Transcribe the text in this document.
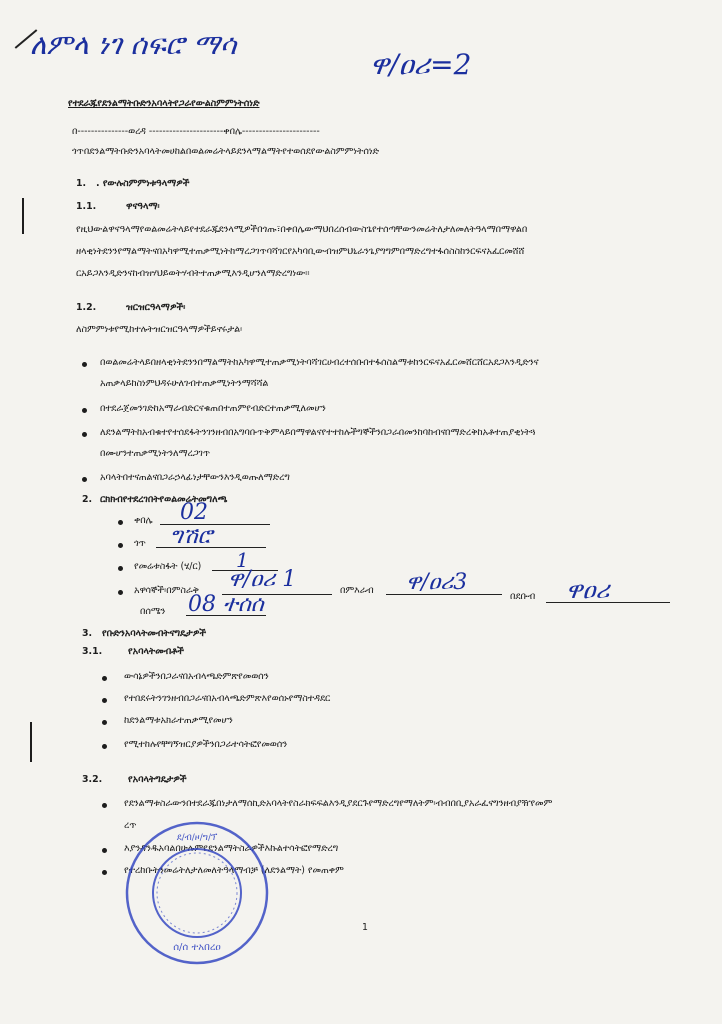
ለምላ ነገ ሰፍሮ ማሳ
ዋ/ዐሪ=2
የተደራጁየደንልማትቡድንአባላትየጋራየውልስምምነትሰነድ
በ---------------ወረዳ ----------------------ቀበሌ-----------------------
ጎጥበደንልማትቡድንአባላትመሀከልበወልመሬትላይደንላማልማትየተወሰደየውልስምምነትሰነድ
1. . የውሉስምምነቱዓላማዎች
1.1.	ዋናዓላማ፡
የዚህውልዋናዓላማየወልመሬትላይየተደራጁደንላሚዎችበጎጡ፣በቀበሌውማህበረሰብውስጌየተሰጣቸውንመሬትለታለመለትዓላማበማዋልበ
ዘላቂነትደንንየማልማትናበአካዋሚተጠቃሚነትከማረጋገጥባሻገርየአካባቢውብዝምህኒራንጌያግግምበማድረግተፋሰስስከንርፍናአፈርመሸሸ
ርአይጋእንዲድንናከብዝሃህይወትሃብትተጠቃሚእንዲሆንለማድረግነው።
1.2.	ዝርዝርዓላማዎች፡
ለስምምነቱየሚከተሉትዝርዝርዓላማዎችይኖሩታል፡
በወልመሬትላይበዘላቂነትደንንበማልማትከአካዋሚተጠቃሚነትባሻገርሀብረተሰቡበተፋሰስልማቱከንርፍናአፈርመሸርሸርአደጋእንዲድንና
አጠቃላይከስነምህዳሩሁለገብተጠቃሚነትንማሻሻል
በተደራጀመንገድከአማራብድርናቁጠበተጠምየብድርተጠቃሚለመሆን
ለደንልማትከአብቁተየተሰደፋትንገንዘብበአግባቡጥቅምላይበማዋልናየተተከሉችግኞችንበጋራበመንከባከብናበማድረቅከአቶተጠያቂነትጓ
በሙሆንተጠቃሚነትንለማረጋገጥ
አባላትበተናጠልናበጋራኃላፊነታቸውንእንዲወጡለማድረግ
2. ርክክብየተደረገበትየወልመሬትመግለጫ
ቀበሌ 02
ጎጥ ግሽሮ
የመሬቱስፋት (ሄ/ር) 1
አዋሳኞች፡በምስራቅ ዋ/ዐሪ 1	በምእራብ ዋ/ዐሪ3
በደቡብ ዋዐሪ
በሰሜን 08 ተሰሰ
3. የቡድንአባላትመብትናግዴታዎች
3.1.	የአባላትመብቶች
ውሳኔዎችንበጋራናበአብላጫድምጽየመወሰን
የተበደሩትንገንዘብበጋራናበአብላጫድምጽእየወሰኑየማስተዳደር
ከደንልማቱአክራተጠቃሚየመሆን
የሚተከሉየቸግኝዝርያዎችንበጋራተሳትፎየመወሰን
3.2.	የአባላትግዴታዎች
የደንልማቱስራውንበተደራጁበነታለማሰኪድአባላትየስራክፍፍልእንዲያደርጉየማድረግየማለትም፡ብብበቢያአራፈናግንዘብያዥየመም
ረጥ
እያንዳንዱአባልበሁሉምየደንልማትስራዎችእኩልተሳትፎየማድረግ
የተረከቡትንመሬትለታለመለትዓላማብቻ (ለደንልማት) የመጠቀም
ሰ/ሰ ተአበረዐ
ደ/ብ/ዞ/ግ/ፕ
1
